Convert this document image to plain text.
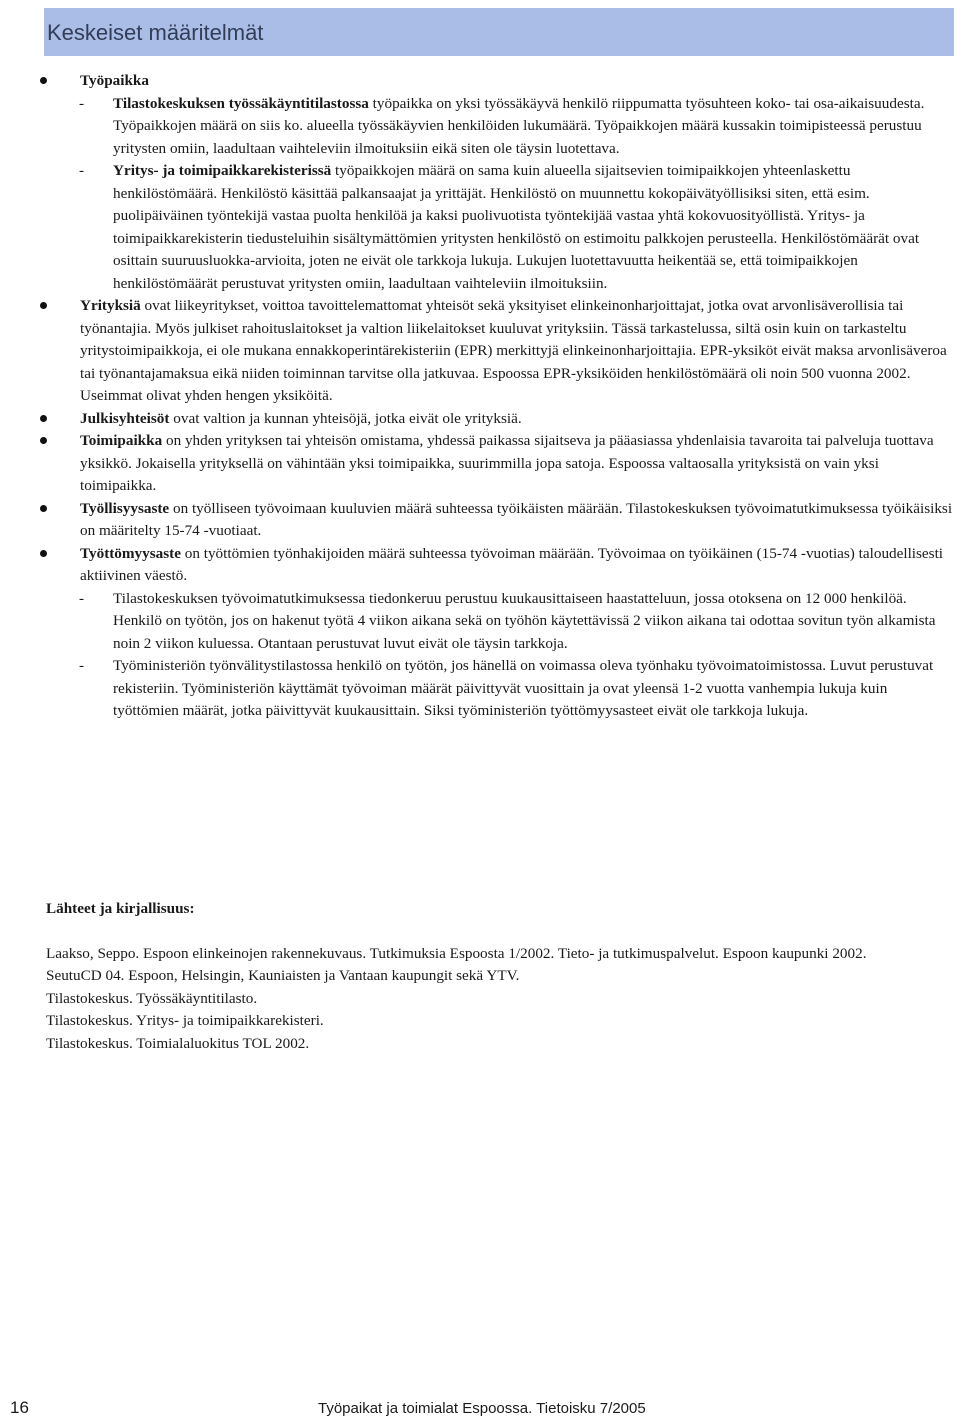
Keskeiset määritelmät
Työpaikka
- Tilastokeskuksen työssäkäyntitilastossa työpaikka on yksi työssäkäyvä henkilö riippumatta työsuhteen koko- tai osa-aikaisuudesta. Työpaikkojen määrä on siis ko. alueella työssäkäyvien henkilöiden lukumäärä. Työpaikkojen määrä kussakin toimipisteessä perustuu yritysten omiin, laadultaan vaihteleviin ilmoituksiin eikä siten ole täysin luotettava.
- Yritys- ja toimipaikkarekisterissä työpaikkojen määrä on sama kuin alueella sijaitsevien toimipaikkojen yhteenlaskettu henkilöstömäärä. Henkilöstö käsittää palkansaajat ja yrittäjät. Henkilöstö on muunnettu kokopäivätyöllisiksi siten, että esim. puolipäiväinen työntekijä vastaa puolta henkilöä ja kaksi puolivuotista työntekijää vastaa yhtä kokovuosityöllistä. Yritys- ja toimipaikkarekisterin tiedusteluihin sisältymättömien yritysten henkilöstö on estimoitu palkkojen perusteella. Henkilöstömäärät ovat osittain suuruusluokka-arvioita, joten ne eivät ole tarkkoja lukuja. Lukujen luotettavuutta heikentää se, että toimipaikkojen henkilöstömäärät perustuvat yritysten omiin, laadultaan vaihteleviin ilmoituksiin.
Yrityksiä ovat liikeyritykset, voittoa tavoittelemattomat yhteisöt sekä yksityiset elinkeinonharjoittajat, jotka ovat arvonlisäverollisia tai työnantajia. Myös julkiset rahoituslaitokset ja valtion liikelaitokset kuuluvat yrityksiin. Tässä tarkastelussa, siltä osin kuin on tarkasteltu yritystoimipaikkoja, ei ole mukana ennakkoperintärekisteriin (EPR) merkittyjä elinkeinonharjoittajia. EPR-yksiköt eivät maksa arvonlisäveroa tai työnantajamaksua eikä niiden toiminnan tarvitse olla jatkuvaa. Espoossa EPR-yksiköiden henkilöstömäärä oli noin 500 vuonna 2002. Useimmat olivat yhden hengen yksiköitä.
Julkisyhteisöt ovat valtion ja kunnan yhteisöjä, jotka eivät ole yrityksiä.
Toimipaikka on yhden yrityksen tai yhteisön omistama, yhdessä paikassa sijaitseva ja pääasiassa yhdenlaisia tavaroita tai palveluja tuottava yksikkö. Jokaisella yrityksellä on vähintään yksi toimipaikka, suurimmilla jopa satoja. Espoossa valtaosalla yrityksistä on vain yksi toimipaikka.
Työllisyysaste on työlliseen työvoimaan kuuluvien määrä suhteessa työikäisten määrään. Tilastokeskuksen työvoimatutkimuksessa työikäisiksi on määritelty 15-74 -vuotiaat.
Työttömyysaste on työttömien työnhakijoiden määrä suhteessa työvoiman määrään. Työvoimaa on työikäinen (15-74 -vuotias) taloudellisesti aktiivinen väestö.
- Tilastokeskuksen työvoimatutkimuksessa tiedonkeruu perustuu kuukausittaiseen haastatteluun, jossa otoksena on 12 000 henkilöä. Henkilö on työtön, jos on hakenut työtä 4 viikon aikana sekä on työhön käytettävissä 2 viikon aikana tai odottaa sovitun työn alkamista noin 2 viikon kuluessa. Otantaan perustuvat luvut eivät ole täysin tarkkoja.
- Työministeriön työnvälitystilastossa henkilö on työtön, jos hänellä on voimassa oleva työnhaku työvoimatoimistossa. Luvut perustuvat rekisteriin. Työministeriön käyttämät työvoiman määrät päivittyvät vuosittain ja ovat yleensä 1-2 vuotta vanhempia lukuja kuin työttömien määrät, jotka päivittyvät kuukausittain. Siksi työministeriön työttömyysasteet eivät ole tarkkoja lukuja.
Lähteet ja kirjallisuus:
Laakso, Seppo. Espoon elinkeinojen rakennekuvaus. Tutkimuksia Espoosta 1/2002. Tieto- ja tutkimuspalvelut. Espoon kaupunki 2002.
SeutuCD 04. Espoon, Helsingin, Kauniaisten ja Vantaan kaupungit sekä YTV.
Tilastokeskus. Työssäkäyntitilasto.
Tilastokeskus. Yritys- ja toimipaikkarekisteri.
Tilastokeskus. Toimialaluokitus TOL 2002.
16	Työpaikat ja toimialat Espoossa. Tietoisku 7/2005
